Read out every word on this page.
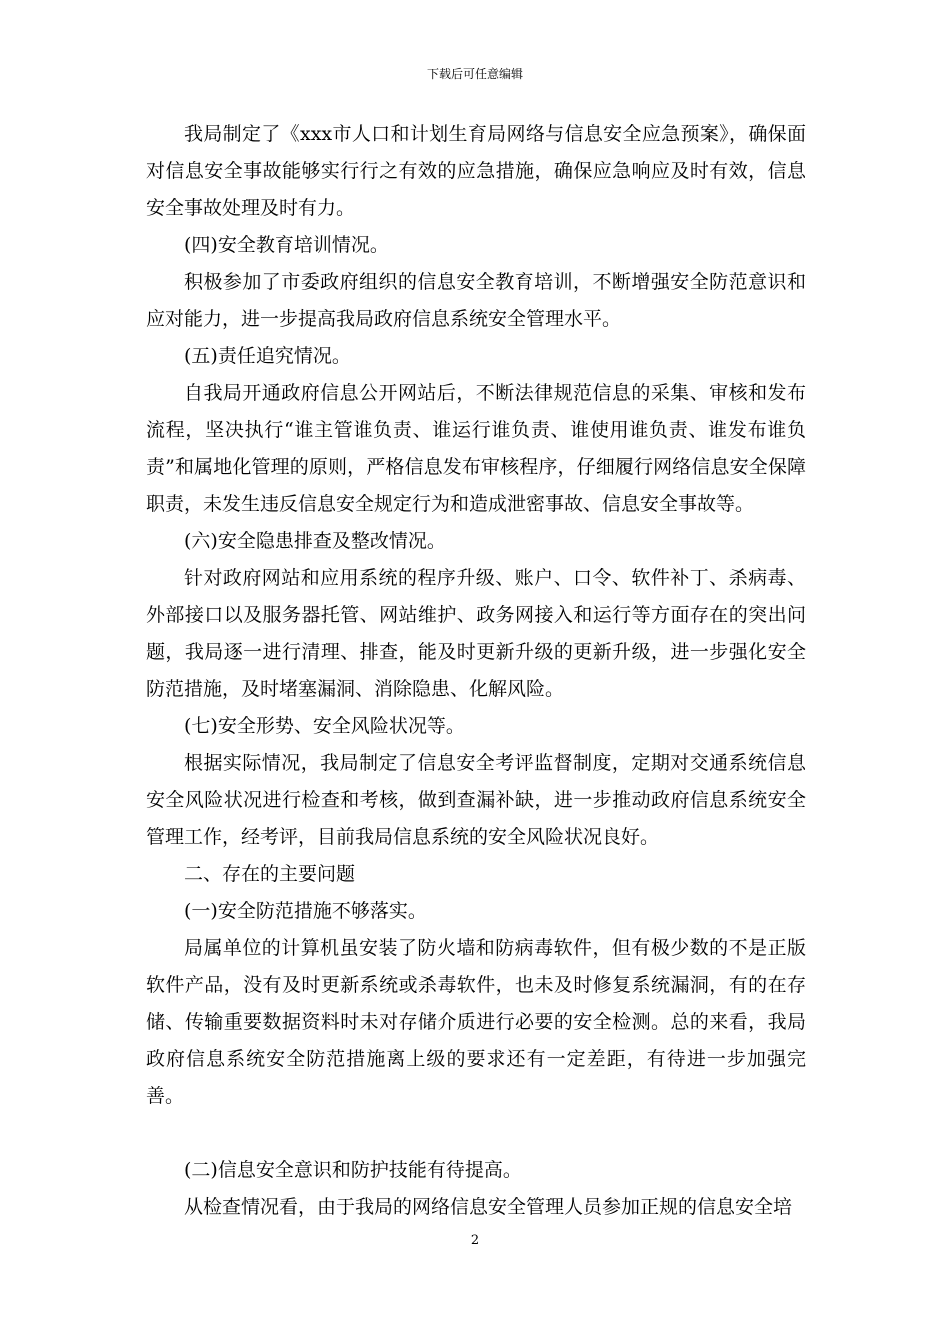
下载后可任意编辑

我局制定了《xxx市人口和计划生育局网络与信息安全应急预案》，确保面对信息安全事故能够实行行之有效的应急措施，确保应急响应及时有效，信息安全事故处理及时有力。

(四)安全教育培训情况。

积极参加了市委政府组织的信息安全教育培训，不断增强安全防范意识和应对能力，进一步提高我局政府信息系统安全管理水平。

(五)责任追究情况。

自我局开通政府信息公开网站后，不断法律规范信息的采集、审核和发布流程，坚决执行“谁主管谁负责、谁运行谁负责、谁使用谁负责、谁发布谁负责”和属地化管理的原则，严格信息发布审核程序，仔细履行网络信息安全保障职责，未发生违反信息安全规定行为和造成泄密事故、信息安全事故等。

(六)安全隐患排查及整改情况。

针对政府网站和应用系统的程序升级、账户、口令、软件补丁、杀病毒、外部接口以及服务器托管、网站维护、政务网接入和运行等方面存在的突出问题，我局逐一进行清理、排查，能及时更新升级的更新升级，进一步强化安全防范措施，及时堵塞漏洞、消除隐患、化解风险。

(七)安全形势、安全风险状况等。

根据实际情况，我局制定了信息安全考评监督制度，定期对交通系统信息安全风险状况进行检查和考核，做到查漏补缺，进一步推动政府信息系统安全管理工作，经考评，目前我局信息系统的安全风险状况良好。

二、存在的主要问题

(一)安全防范措施不够落实。

局属单位的计算机虽安装了防火墙和防病毒软件，但有极少数的不是正版软件产品，没有及时更新系统或杀毒软件，也未及时修复系统漏洞，有的在存储、传输重要数据资料时未对存储介质进行必要的安全检测。总的来看，我局政府信息系统安全防范措施离上级的要求还有一定差距，有待进一步加强完善。

(二)信息安全意识和防护技能有待提高。

从检查情况看，由于我局的网络信息安全管理人员参加正规的信息安全培

2
